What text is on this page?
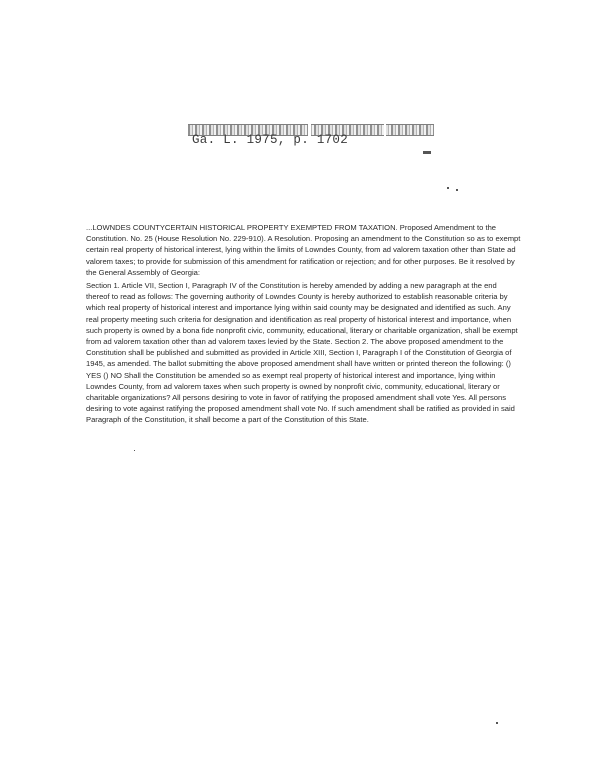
Ga. L. 1975, p. 1702

...LOWNDES COUNTYCERTAIN HISTORICAL PROPERTY EXEMPTED FROM TAXATION. Proposed Amendment to the Constitution. No. 25 (House Resolution No. 229-910). A Resolution. Proposing an amendment to the Constitution so as to exempt certain real property of historical interest, lying within the limits of Lowndes County, from ad valorem taxation other than State ad valorem taxes; to provide for submission of this amendment for ratification or rejection; and for other purposes. Be it resolved by the General Assembly of Georgia:

Section 1. Article VII, Section I, Paragraph IV of the Constitution is hereby amended by adding a new paragraph at the end thereof to read as follows: The governing authority of Lowndes County is hereby authorized to establish reasonable criteria by which real property of historical interest and importance lying within said county may be designated and identified as such. Any real property meeting such criteria for designation and identification as real property of historical interest and importance, when such property is owned by a bona fide nonprofit civic, community, educational, literary or charitable organization, shall be exempt from ad valorem taxation other than ad valorem taxes levied by the State. Section 2. The above proposed amendment to the Constitution shall be published and submitted as provided in Article XIII, Section I, Paragraph I of the Constitution of Georgia of 1945, as amended. The ballot submitting the above proposed amendment shall have written or printed thereon the following: () YES () NO Shall the Constitution be amended so as exempt real property of historical interest and importance, lying within Lowndes County, from ad valorem taxes when such property is owned by nonprofit civic, community, educational, literary or charitable organizations? All persons desiring to vote in favor of ratifying the proposed amendment shall vote Yes. All persons desiring to vote against ratifying the proposed amendment shall vote No. If such amendment shall be ratified as provided in said Paragraph of the Constitution, it shall become a part of the Constitution of this State.
